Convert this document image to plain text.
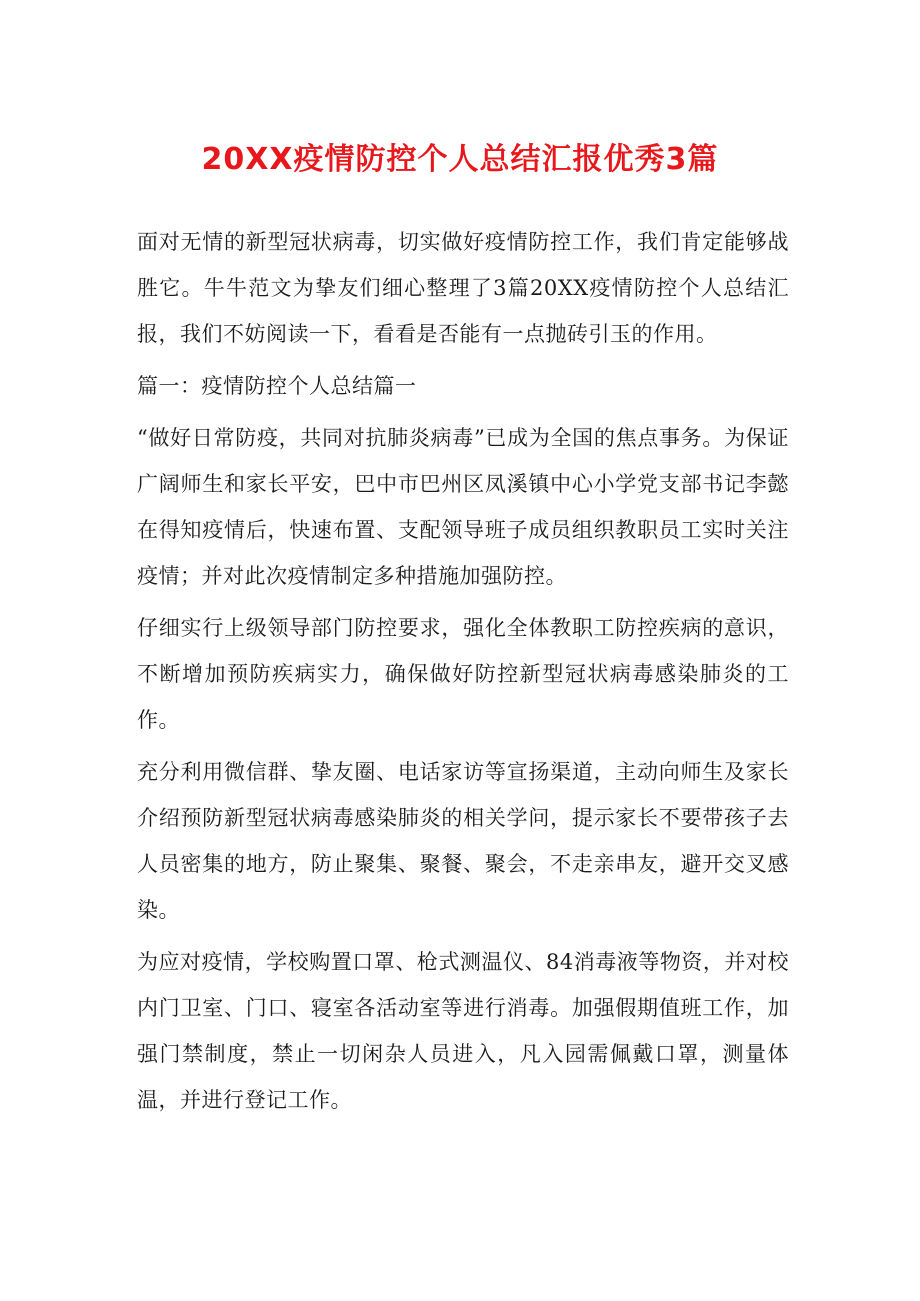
20XX疫情防控个人总结汇报优秀3篇

面对无情的新型冠状病毒，切实做好疫情防控工作，我们肯定能够战胜它。牛牛范文为挚友们细心整理了3篇20XX疫情防控个人总结汇报，我们不妨阅读一下，看看是否能有一点抛砖引玉的作用。

篇一：疫情防控个人总结篇一

“做好日常防疫，共同对抗肺炎病毒”已成为全国的焦点事务。为保证广阔师生和家长平安，巴中市巴州区凤溪镇中心小学党支部书记李懿在得知疫情后，快速布置、支配领导班子成员组织教职员工实时关注疫情；并对此次疫情制定多种措施加强防控。

仔细实行上级领导部门防控要求，强化全体教职工防控疾病的意识，不断增加预防疾病实力，确保做好防控新型冠状病毒感染肺炎的工作。

充分利用微信群、挚友圈、电话家访等宣扬渠道，主动向师生及家长介绍预防新型冠状病毒感染肺炎的相关学问，提示家长不要带孩子去人员密集的地方，防止聚集、聚餐、聚会，不走亲串友，避开交叉感染。

为应对疫情，学校购置口罩、枪式测温仪、84消毒液等物资，并对校内门卫室、门口、寝室各活动室等进行消毒。加强假期值班工作，加强门禁制度，禁止一切闲杂人员进入，凡入园需佩戴口罩，测量体温，并进行登记工作。
